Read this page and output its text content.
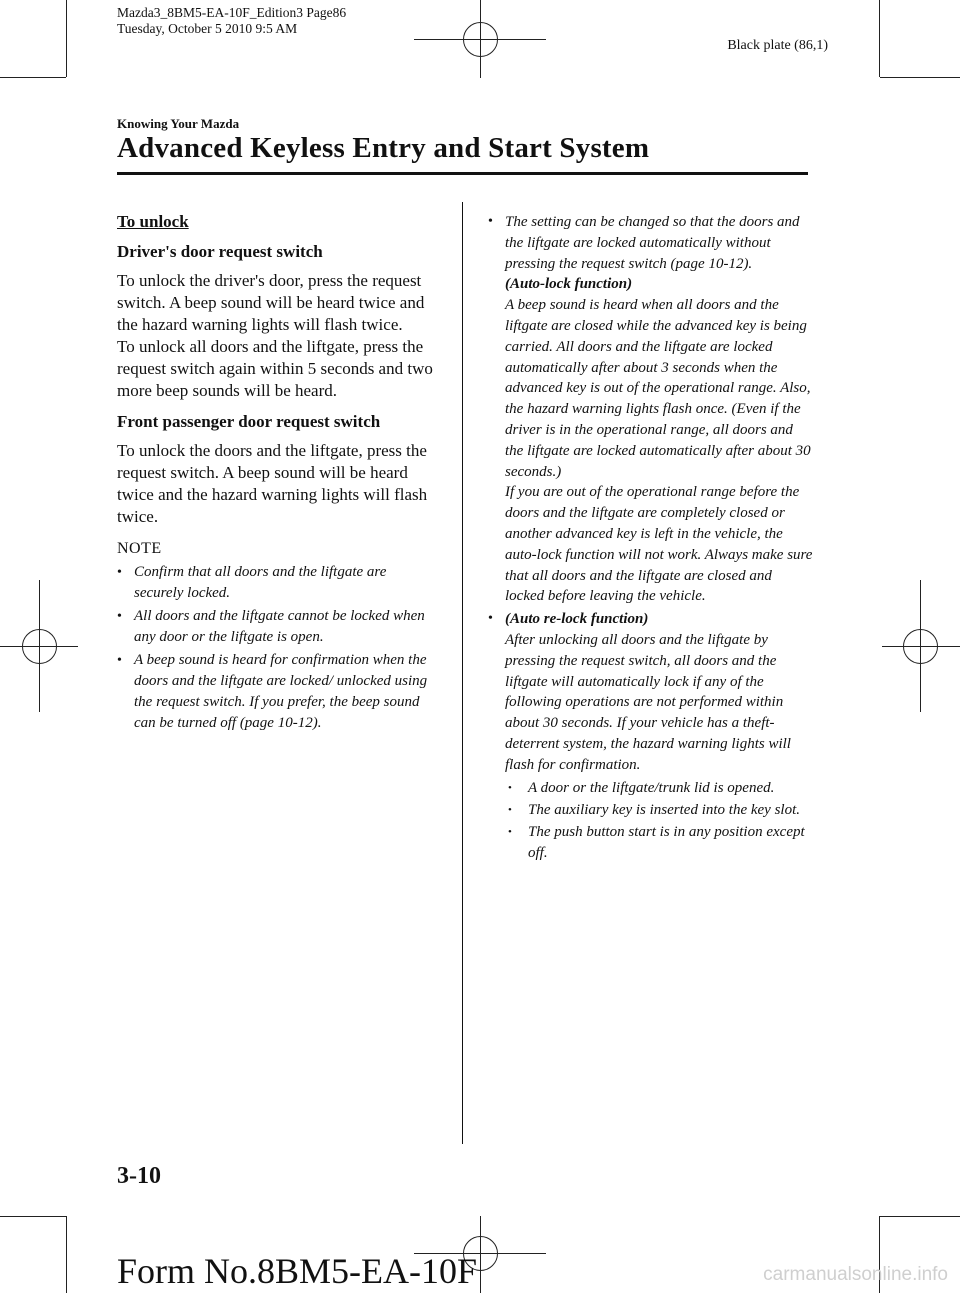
Mazda3_8BM5-EA-10F_Edition3 Page86
Tuesday, October 5 2010 9:5 AM
Black plate (86,1)
Knowing Your Mazda
Advanced Keyless Entry and Start System
To unlock
Driver's door request switch

To unlock the driver's door, press the request switch. A beep sound will be heard twice and the hazard warning lights will flash twice.

To unlock all doors and the liftgate, press the request switch again within 5 seconds and two more beep sounds will be heard.

Front passenger door request switch

To unlock the doors and the liftgate, press the request switch. A beep sound will be heard twice and the hazard warning lights will flash twice.

NOTE
• Confirm that all doors and the liftgate are securely locked.
• All doors and the liftgate cannot be locked when any door or the liftgate is open.
• A beep sound is heard for confirmation when the doors and the liftgate are locked/ unlocked using the request switch. If you prefer, the beep sound can be turned off (page 10-12).
• The setting can be changed so that the doors and the liftgate are locked automatically without pressing the request switch (page 10-12).
(Auto-lock function)
A beep sound is heard when all doors and the liftgate are closed while the advanced key is being carried. All doors and the liftgate are locked automatically after about 3 seconds when the advanced key is out of the operational range. Also, the hazard warning lights flash once. (Even if the driver is in the operational range, all doors and the liftgate are locked automatically after about 30 seconds.)
If you are out of the operational range before the doors and the liftgate are completely closed or another advanced key is left in the vehicle, the auto-lock function will not work. Always make sure that all doors and the liftgate are closed and locked before leaving the vehicle.
• (Auto re-lock function)
After unlocking all doors and the liftgate by pressing the request switch, all doors and the liftgate will automatically lock if any of the following operations are not performed within about 30 seconds. If your vehicle has a theft-deterrent system, the hazard warning lights will flash for confirmation.
• A door or the liftgate/trunk lid is opened.
• The auxiliary key is inserted into the key slot.
• The push button start is in any position except off.
3-10
Form No.8BM5-EA-10F	carmanualsonline.info
